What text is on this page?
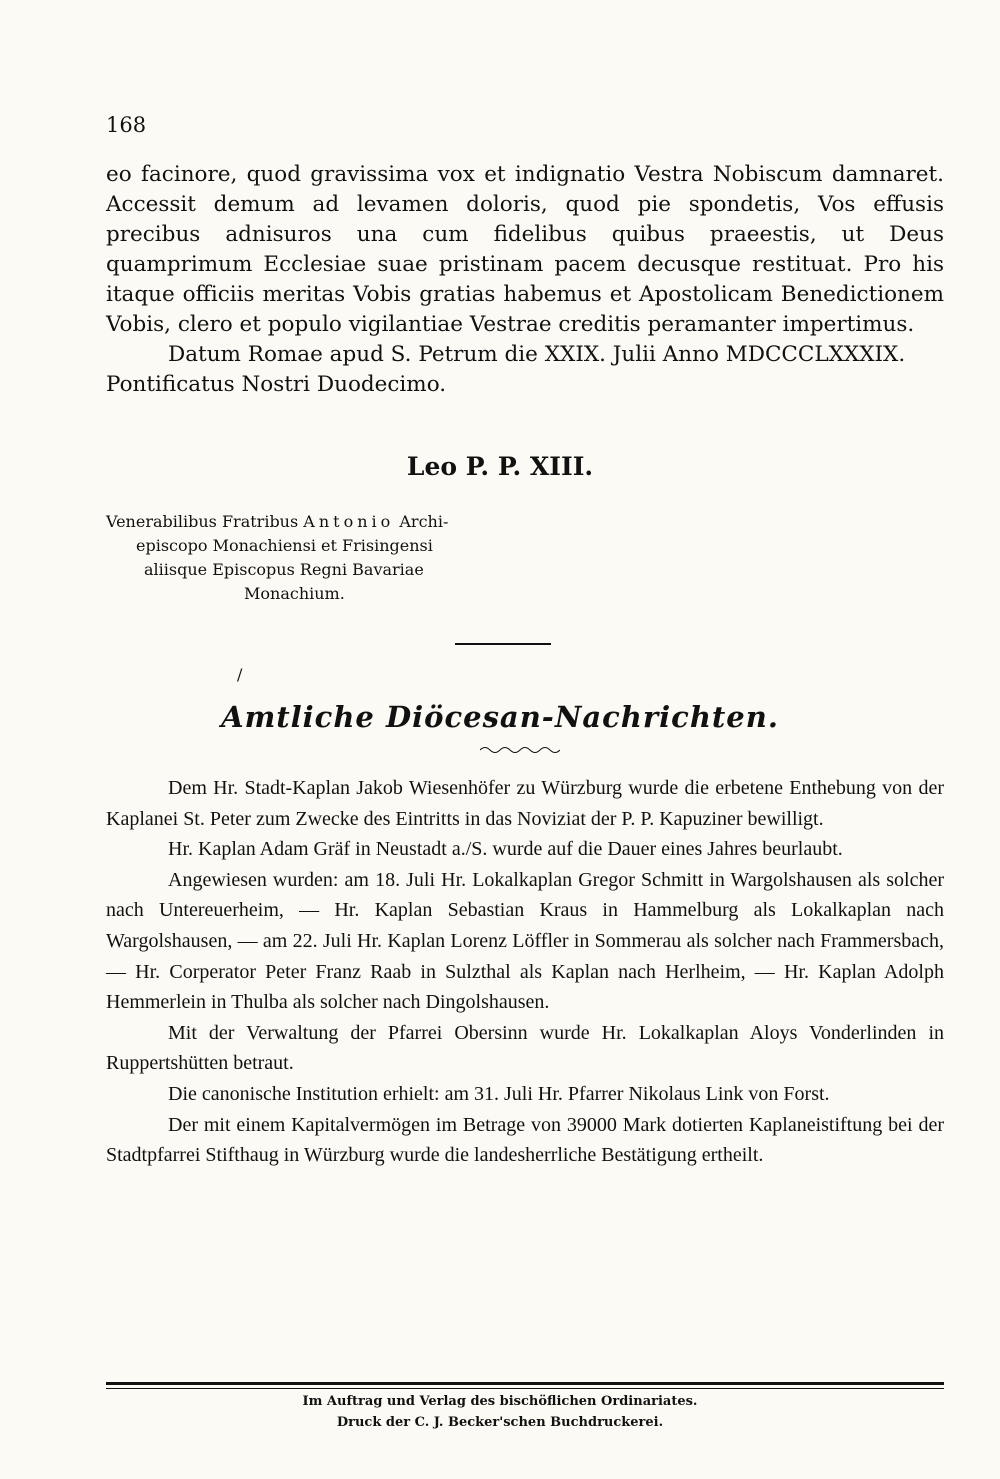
168

eo facinore, quod gravissima vox et indignatio Vestra Nobiscum damnaret. Accessit demum ad levamen doloris, quod pie spondetis, Vos effusis precibus adnisuros una cum fidelibus quibus praeestis, ut Deus quamprimum Ecclesiae suae pristinam pacem decusque restituat. Pro his itaque officiis meritas Vobis gratias habemus et Apostolicam Benedictionem Vobis, clero et populo vigilantiae Vestrae creditis peramanter impertimus.

Datum Romae apud S. Petrum die XXIX. Julii Anno MDCCCLXXXIX.

Pontificatus Nostri Duodecimo.

Leo P. P. XIII.
Venerabilibus Fratribus Antonio Archi-
episcopo Monachiensi et Frisingensi
aliisque Episcopus Regni Bavariae
Monachium.
/
Amtliche Diöcesan-Nachrichten.

Dem Hr. Stadt-Kaplan Jakob Wiesenhöfer zu Würzburg wurde die erbetene Enthebung von der Kaplanei St. Peter zum Zwecke des Eintritts in das Noviziat der P. P. Kapuziner bewilligt.

Hr. Kaplan Adam Gräf in Neustadt a./S. wurde auf die Dauer eines Jahres beurlaubt.

Angewiesen wurden: am 18. Juli Hr. Lokalkaplan Gregor Schmitt in Wargolshausen als solcher nach Untereuerheim, — Hr. Kaplan Sebastian Kraus in Hammelburg als Lokalkaplan nach Wargolshausen, — am 22. Juli Hr. Kaplan Lorenz Löffler in Sommerau als solcher nach Frammersbach, — Hr. Corperator Peter Franz Raab in Sulzthal als Kaplan nach Herlheim, — Hr. Kaplan Adolph Hemmerlein in Thulba als solcher nach Dingolshausen.

Mit der Verwaltung der Pfarrei Obersinn wurde Hr. Lokalkaplan Aloys Vonderlinden in Ruppertshütten betraut.

Die canonische Institution erhielt: am 31. Juli Hr. Pfarrer Nikolaus Link von Forst.

Der mit einem Kapitalvermögen im Betrage von 39000 Mark dotierten Kaplaneistiftung bei der Stadtpfarrei Stifthaug in Würzburg wurde die landesherrliche Bestätigung ertheilt.

Im Auftrag und Verlag des bischöflichen Ordinariates.
Druck der C. J. Becker'schen Buchdruckerei.
